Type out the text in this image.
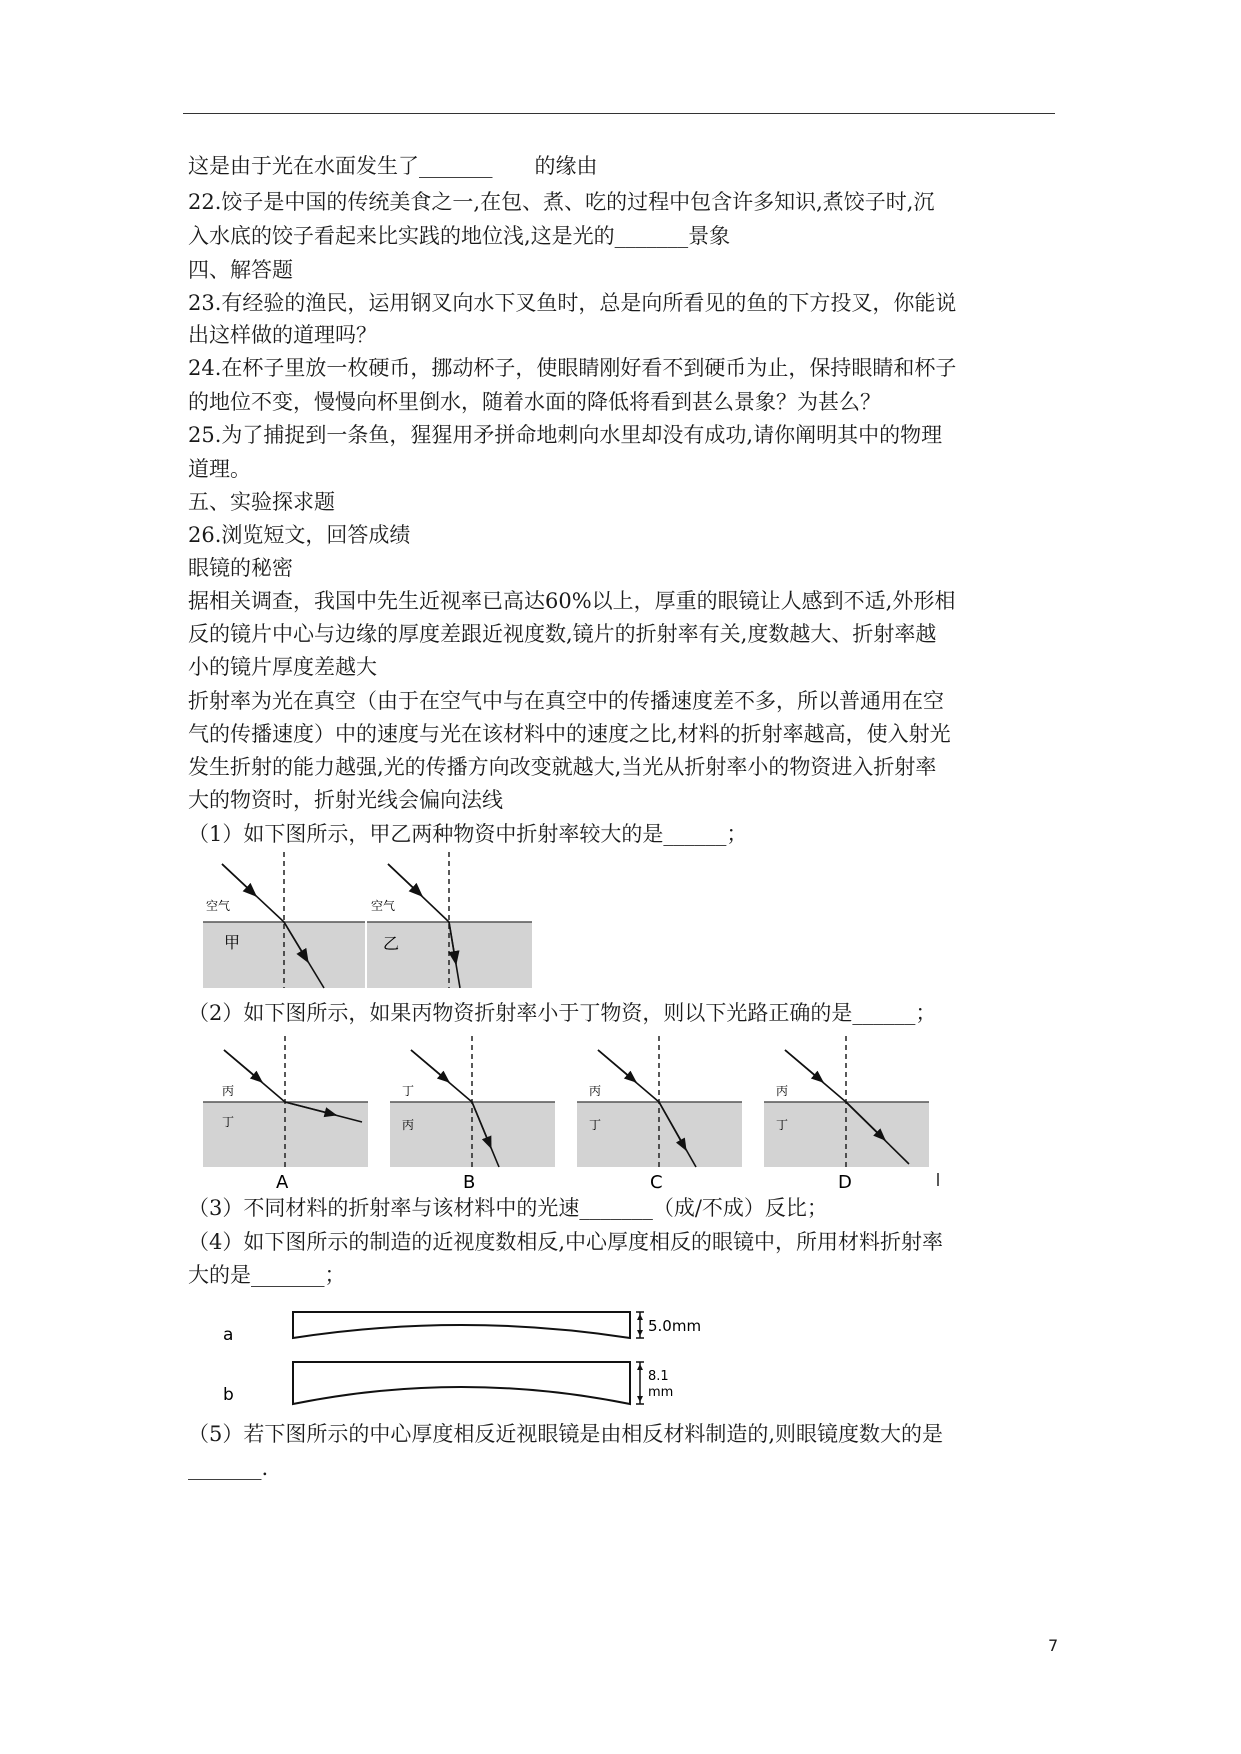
这是由于光在水面发生了_______　　的缘由
22.饺子是中国的传统美食之一,在包、煮、吃的过程中包含许多知识,煮饺子时,沉
入水底的饺子看起来比实践的地位浅,这是光的_______景象
四、解答题
23.有经验的渔民，运用钢叉向水下叉鱼时，总是向所看见的鱼的下方投叉，你能说
出这样做的道理吗？
24.在杯子里放一枚硬币，挪动杯子，使眼睛刚好看不到硬币为止，保持眼睛和杯子
的地位不变，慢慢向杯里倒水，随着水面的降低将看到甚么景象？为甚么？
25.为了捕捉到一条鱼，猩猩用矛拼命地刺向水里却没有成功,请你阐明其中的物理
道理。
五、实验探求题
26.浏览短文，回答成绩
眼镜的秘密
据相关调查，我国中先生近视率已高达60%以上，厚重的眼镜让人感到不适,外形相
反的镜片中心与边缘的厚度差跟近视度数,镜片的折射率有关,度数越大、折射率越
小的镜片厚度差越大
折射率为光在真空（由于在空气中与在真空中的传播速度差不多，所以普通用在空
气的传播速度）中的速度与光在该材料中的速度之比,材料的折射率越高，使入射光
发生折射的能力越强,光的传播方向改变就越大,当光从折射率小的物资进入折射率
大的物资时，折射光线会偏向法线
（1）如下图所示，甲乙两种物资中折射率较大的是______；
空气
甲
空气
乙
（2）如下图所示，如果丙物资折射率小于丁物资，则以下光路正确的是______；
丙
丁
A
丁
丙
B
丙
丁
C
丙
丁
D
（3）不同材料的折射率与该材料中的光速_______（成/不成）反比；
（4）如下图所示的制造的近视度数相反,中心厚度相反的眼镜中，所用材料折射率
大的是_______；
a	5.0mm
b
8.1
mm
（5）若下图所示的中心厚度相反近视眼镜是由相反材料制造的,则眼镜度数大的是
_______.
7
